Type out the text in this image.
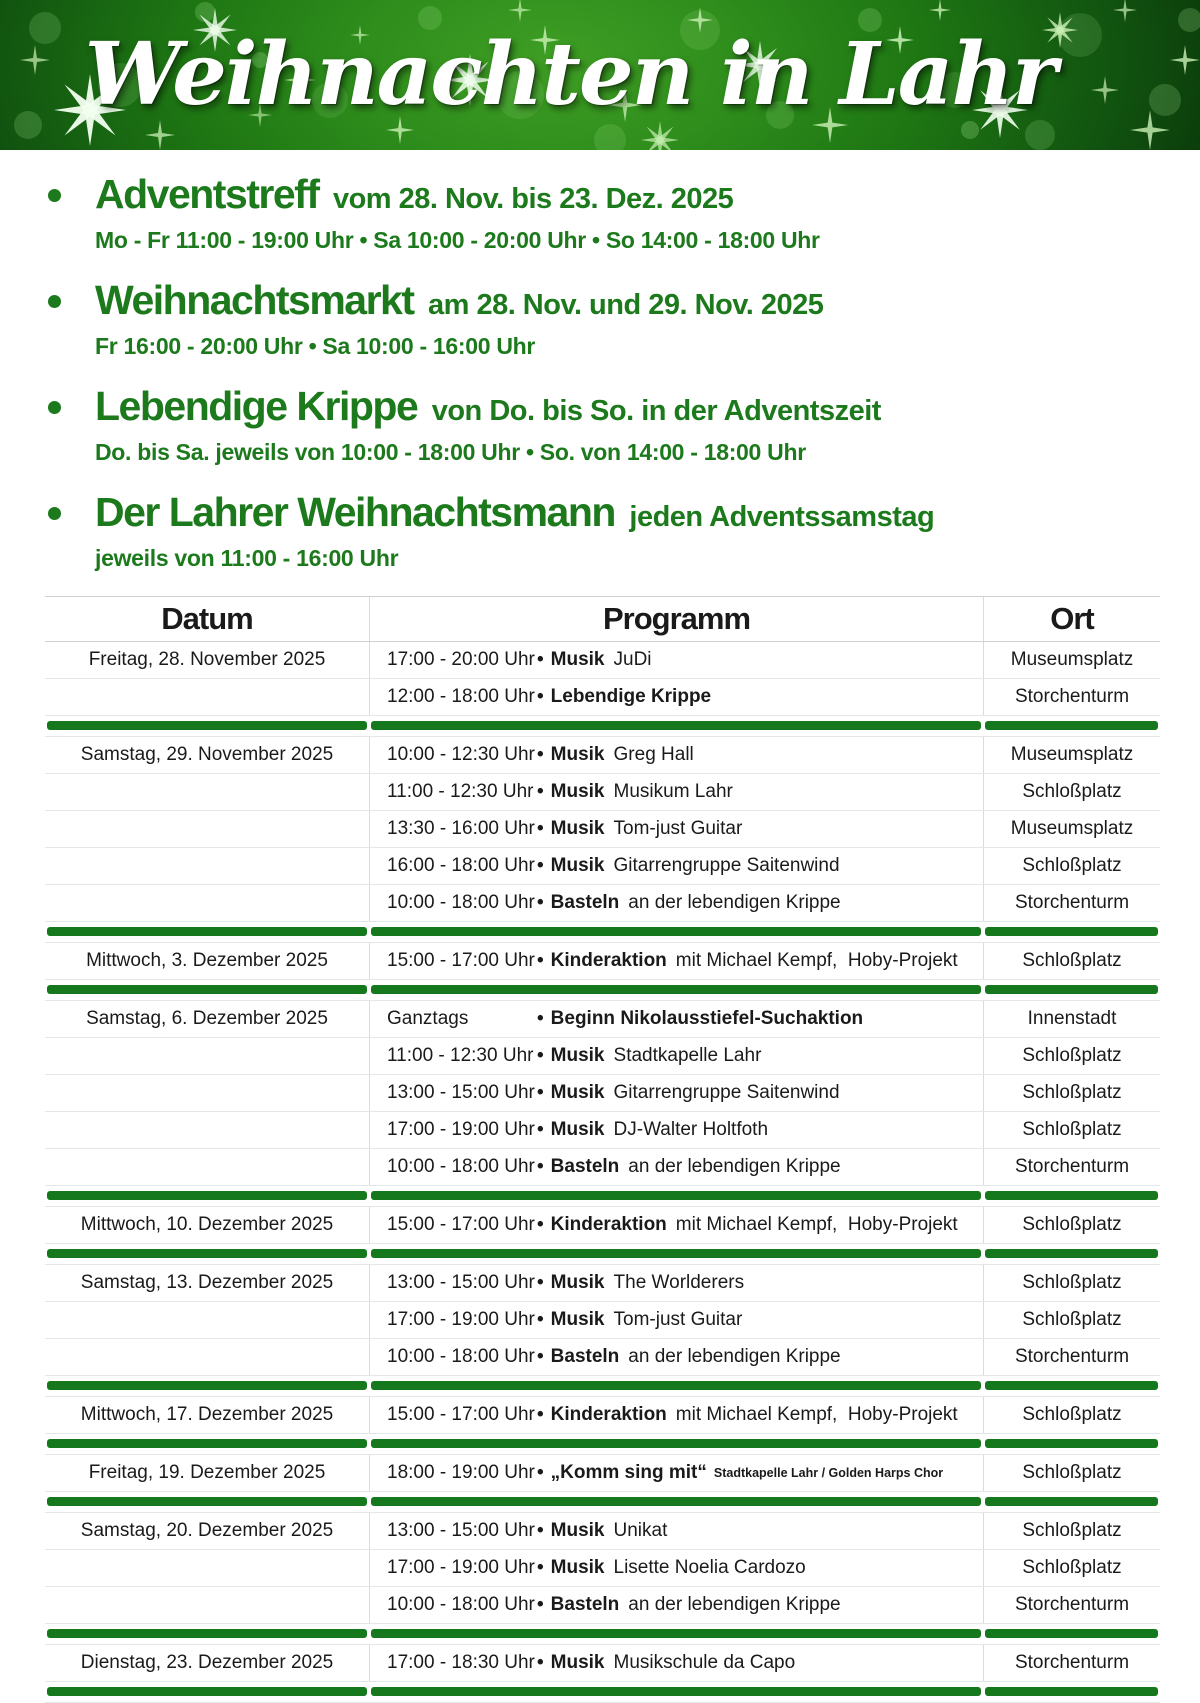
Weihnachten in Lahr
Adventstreff vom 28. Nov. bis 23. Dez. 2025
Mo - Fr 11:00 - 19:00 Uhr • Sa 10:00 - 20:00 Uhr • So 14:00 - 18:00 Uhr
Weihnachtsmarkt am 28. Nov. und 29. Nov. 2025
Fr 16:00 - 20:00 Uhr • Sa 10:00 - 16:00 Uhr
Lebendige Krippe von Do. bis So. in der Adventszeit
Do. bis Sa. jeweils von 10:00 - 18:00 Uhr • So. von 14:00 - 18:00 Uhr
Der Lahrer Weihnachtsmann jeden Adventssamstag
jeweils von 11:00 - 16:00 Uhr
Datum	Programm	Ort
Freitag, 28. November 2025	17:00 - 20:00 Uhr • Musik JuDi	Museumsplatz
12:00 - 18:00 Uhr • Lebendige Krippe	Storchenturm
Samstag, 29. November 2025	10:00 - 12:30 Uhr • Musik Greg Hall	Museumsplatz
11:00 - 12:30 Uhr • Musik Musikum Lahr	Schloßplatz
13:30 - 16:00 Uhr • Musik Tom-just Guitar	Museumsplatz
16:00 - 18:00 Uhr • Musik Gitarrengruppe Saitenwind	Schloßplatz
10:00 - 18:00 Uhr • Basteln an der lebendigen Krippe	Storchenturm
Mittwoch, 3. Dezember 2025	15:00 - 17:00 Uhr • Kinderaktion mit Michael Kempf,  Hoby-Projekt	Schloßplatz
Samstag, 6. Dezember 2025	Ganztags	• Beginn Nikolausstiefel-Suchaktion	Innenstadt
11:00 - 12:30 Uhr • Musik Stadtkapelle Lahr	Schloßplatz
13:00 - 15:00 Uhr • Musik Gitarrengruppe Saitenwind	Schloßplatz
17:00 - 19:00 Uhr • Musik DJ-Walter Holtfoth	Schloßplatz
10:00 - 18:00 Uhr • Basteln an der lebendigen Krippe	Storchenturm
Mittwoch, 10. Dezember 2025	15:00 - 17:00 Uhr • Kinderaktion mit Michael Kempf,  Hoby-Projekt	Schloßplatz
Samstag, 13. Dezember 2025	13:00 - 15:00 Uhr • Musik The Worlderers	Schloßplatz
17:00 - 19:00 Uhr • Musik Tom-just Guitar	Schloßplatz
10:00 - 18:00 Uhr • Basteln an der lebendigen Krippe	Storchenturm
Mittwoch, 17. Dezember 2025	15:00 - 17:00 Uhr • Kinderaktion mit Michael Kempf,  Hoby-Projekt	Schloßplatz
Freitag, 19. Dezember 2025	18:00 - 19:00 Uhr • „Komm sing mit“ Stadtkapelle Lahr / Golden Harps Chor	Schloßplatz
Samstag, 20. Dezember 2025	13:00 - 15:00 Uhr • Musik Unikat	Schloßplatz
17:00 - 19:00 Uhr • Musik Lisette Noelia Cardozo	Schloßplatz
10:00 - 18:00 Uhr • Basteln an der lebendigen Krippe	Storchenturm
Dienstag, 23. Dezember 2025	17:00 - 18:30 Uhr • Musik Musikschule da Capo	Storchenturm
